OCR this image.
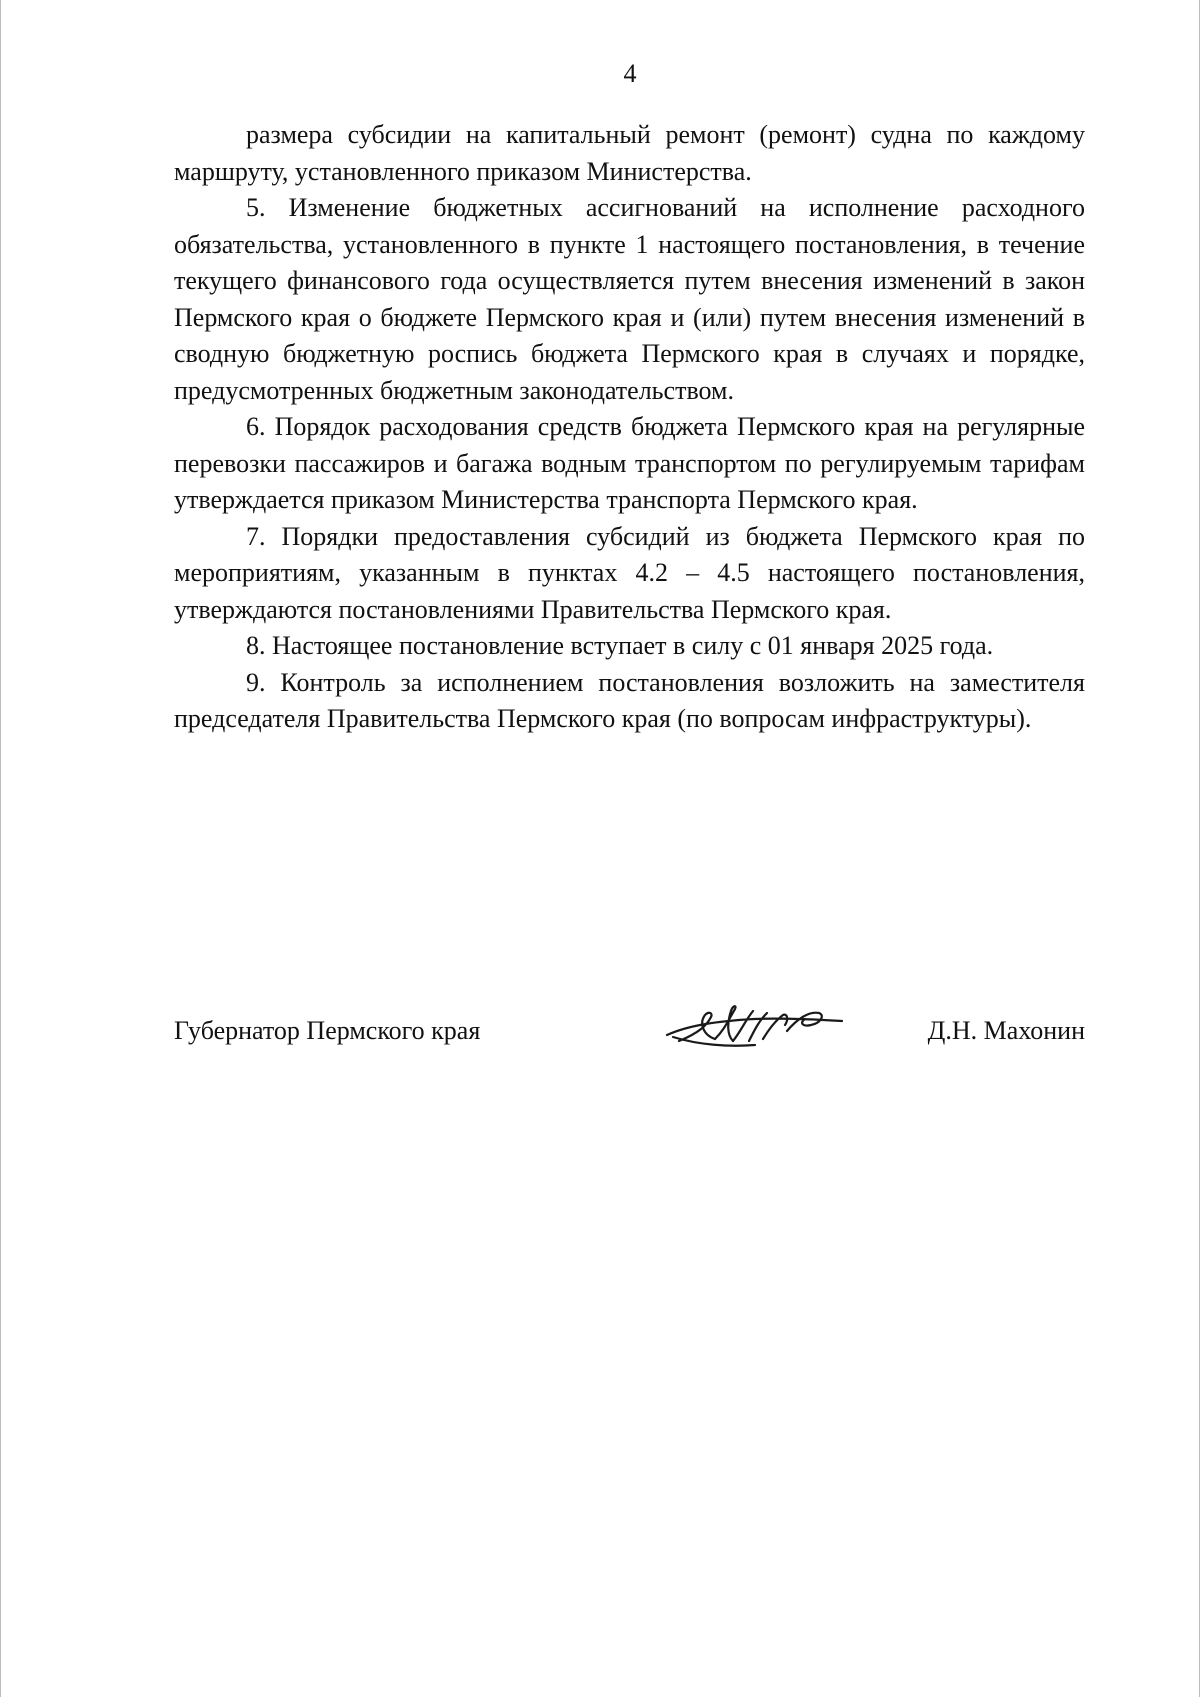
4

размера субсидии на капитальный ремонт (ремонт) судна по каждому маршруту, установленного приказом Министерства.

5. Изменение бюджетных ассигнований на исполнение расходного обязательства, установленного в пункте 1 настоящего постановления, в течение текущего финансового года осуществляется путем внесения изменений в закон Пермского края о бюджете Пермского края и (или) путем внесения изменений в сводную бюджетную роспись бюджета Пермского края в случаях и порядке, предусмотренных бюджетным законодательством.

6. Порядок расходования средств бюджета Пермского края на регулярные перевозки пассажиров и багажа водным транспортом по регулируемым тарифам утверждается приказом Министерства транспорта Пермского края.

7. Порядки предоставления субсидий из бюджета Пермского края по мероприятиям, указанным в пунктах 4.2 – 4.5 настоящего постановления, утверждаются постановлениями Правительства Пермского края.

8. Настоящее постановление вступает в силу с 01 января 2025 года.

9. Контроль за исполнением постановления возложить на заместителя председателя Правительства Пермского края (по вопросам инфраструктуры).

Губернатор Пермского края	Д.Н. Махонин
